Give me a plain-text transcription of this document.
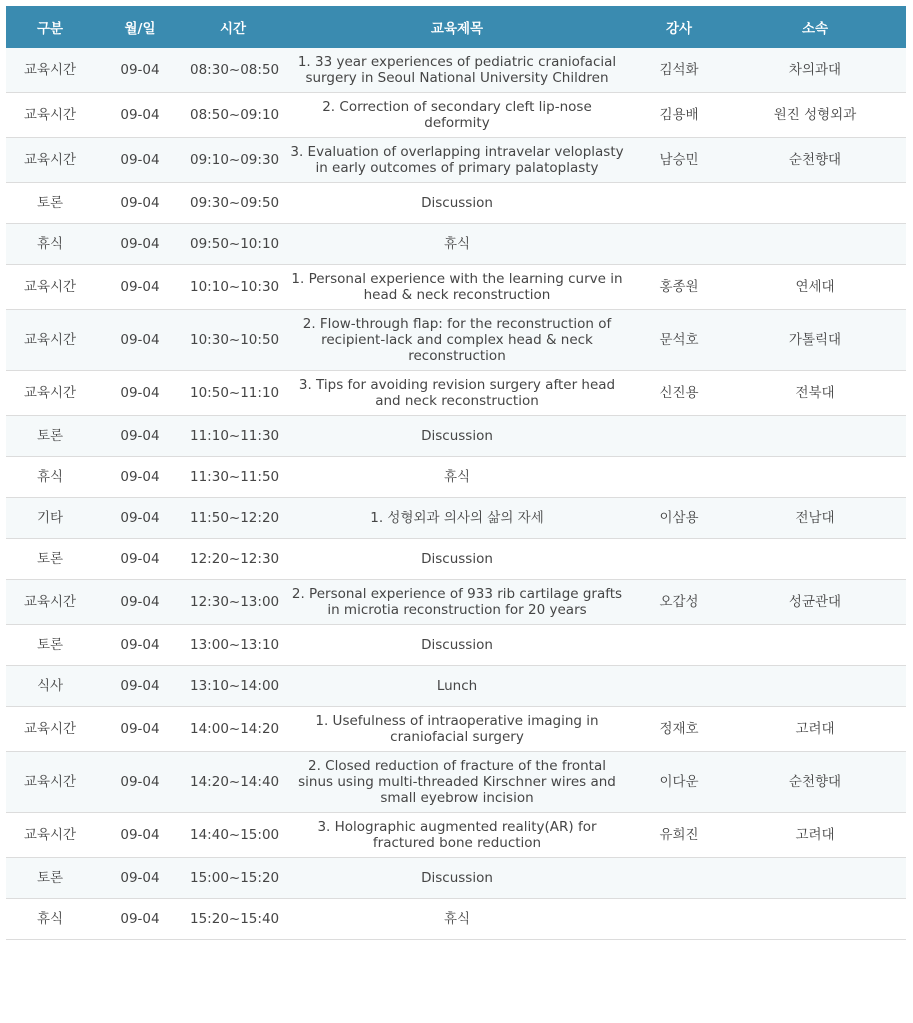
구분	월/일	시간	교육제목	강사	소속
교육시간	09-04	08:30~08:50	1. 33 year experiences of pediatric craniofacial surgery in Seoul National University Children	김석화	차의과대
교육시간	09-04	08:50~09:10	2. Correction of secondary cleft lip-nose deformity	김용배	원진 성형외과
교육시간	09-04	09:10~09:30	3. Evaluation of overlapping intravelar veloplasty in early outcomes of primary palatoplasty	남승민	순천향대
토론	09-04	09:30~09:50	Discussion		
휴식	09-04	09:50~10:10	휴식		
교육시간	09-04	10:10~10:30	1. Personal experience with the learning curve in head & neck reconstruction	홍종원	연세대
교육시간	09-04	10:30~10:50	2. Flow-through flap: for the reconstruction of recipient-lack and complex head & neck reconstruction	문석호	가톨릭대
교육시간	09-04	10:50~11:10	3. Tips for avoiding revision surgery after head and neck reconstruction	신진용	전북대
토론	09-04	11:10~11:30	Discussion		
휴식	09-04	11:30~11:50	휴식		
기타	09-04	11:50~12:20	1. 성형외과 의사의 삶의 자세	이삼용	전남대
토론	09-04	12:20~12:30	Discussion		
교육시간	09-04	12:30~13:00	2. Personal experience of 933 rib cartilage grafts in microtia reconstruction for 20 years	오갑성	성균관대
토론	09-04	13:00~13:10	Discussion		
식사	09-04	13:10~14:00	Lunch		
교육시간	09-04	14:00~14:20	1. Usefulness of intraoperative imaging in craniofacial surgery	정재호	고려대
교육시간	09-04	14:20~14:40	2. Closed reduction of fracture of the frontal sinus using multi-threaded Kirschner wires and small eyebrow incision	이다운	순천향대
교육시간	09-04	14:40~15:00	3. Holographic augmented reality(AR) for fractured bone reduction	유희진	고려대
토론	09-04	15:00~15:20	Discussion		
휴식	09-04	15:20~15:40	휴식		
